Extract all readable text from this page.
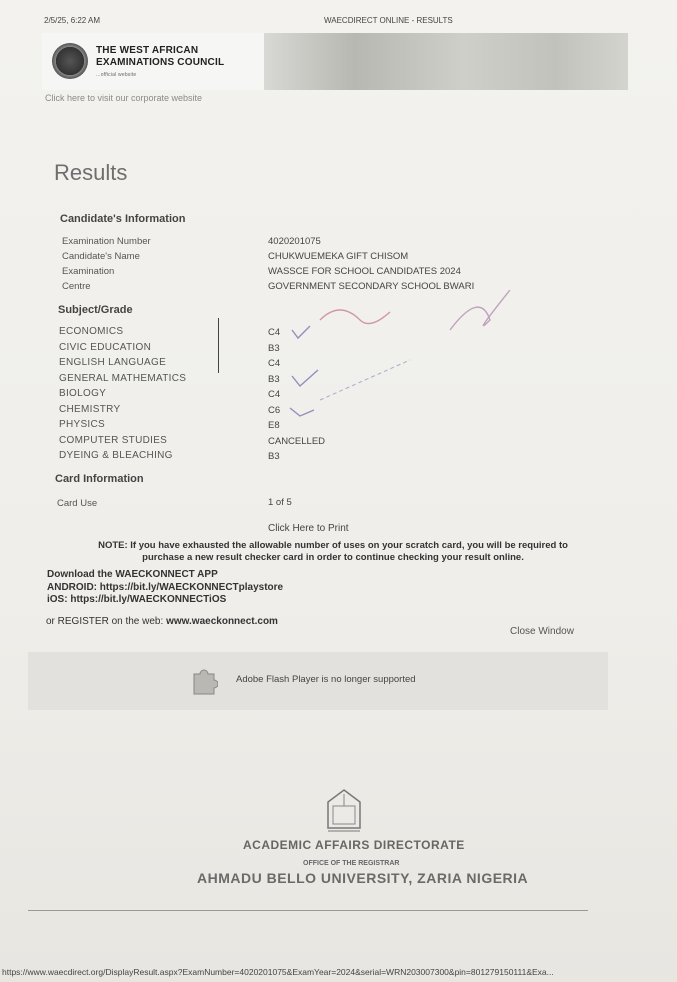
2/5/25, 6:22 AM	WAECDIRECT ONLINE - RESULTS
THE WEST AFRICAN
EXAMINATIONS COUNCIL
...official website
Click here to visit our corporate website
Results
Candidate's Information
Examination Number	4020201075
Candidate's Name	CHUKWUEMEKA GIFT CHISOM
Examination	WASSCE FOR SCHOOL CANDIDATES 2024
Centre	GOVERNMENT SECONDARY SCHOOL BWARI
Subject/Grade
ECONOMICS	C4
CIVIC EDUCATION	B3
ENGLISH LANGUAGE	C4
GENERAL MATHEMATICS	B3
BIOLOGY	C4
CHEMISTRY	C6
PHYSICS	E8
COMPUTER STUDIES	CANCELLED
DYEING & BLEACHING	B3
Card Information
Card Use	1 of 5
Click Here to Print
NOTE: If you have exhausted the allowable number of uses on your scratch card, you will be required to
purchase a new result checker card in order to continue checking your result online.
Download the WAECKONNECT APP
ANDROID: https://bit.ly/WAECKONNECTplaystore
iOS: https://bit.ly/WAECKONNECTiOS
or REGISTER on the web: www.waeckonnect.com
Close Window
Adobe Flash Player is no longer supported
ACADEMIC AFFAIRS DIRECTORATE
OFFICE OF THE REGISTRAR
AHMADU BELLO UNIVERSITY, ZARIA NIGERIA
https://www.waecdirect.org/DisplayResult.aspx?ExamNumber=4020201075&ExamYear=2024&serial=WRN203007300&pin=801279150111&Exa...
